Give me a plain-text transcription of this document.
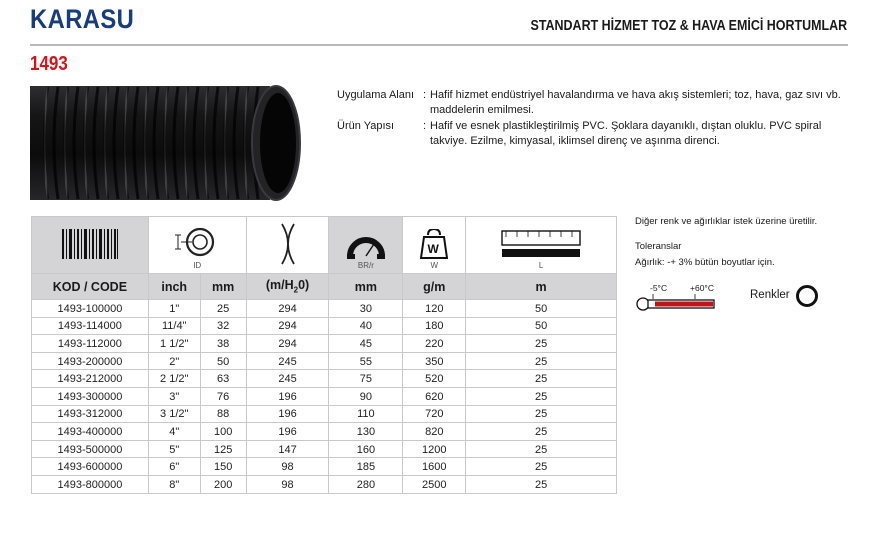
KARASU	STANDART HİZMET TOZ & HAVA EMİCİ HORTUMLAR
1493
Uygulama Alanı : Hafif hizmet endüstriyel havalandırma ve hava akış sistemleri; toz, hava, gaz sıvı vb. maddelerin emilmesi.
Ürün Yapısı	: Hafif ve esnek plastikleştirilmiş PVC. Şoklara dayanıklı, dıştan oluklu. PVC spiral takviye. Ezilme, kimyasal, iklimsel direnç ve aşınma direnci.

ID			r
BR/r	W
W	L

KOD / CODE	inch	mm	$(m/H_20)$	mm	g/m	m
1493-100000	1"	25	294	30	120	50
1493-114000	11/4"	32	294	40	180	50
1493-112000	1 1/2"	38	294	45	220	25
1493-200000	2"	50	245	55	350	25
1493-212000	2 1/2"	63	245	75	520	25
1493-300000	3"	76	196	90	620	25
1493-312000	3 1/2"	88	196	110	720	25
1493-400000	4"	100	196	130	820	25
1493-500000	5"	125	147	160	1200	25
1493-600000	6"	150	98	185	1600	25
1493-800000	8"	200	98	280	2500	25
Diğer renk ve ağırlıklar istek üzerine üretilir.
Toleranslar
Ağırlık: -+ 3% bütün boyutlar için.
-5°C	+60°C
Renkler
